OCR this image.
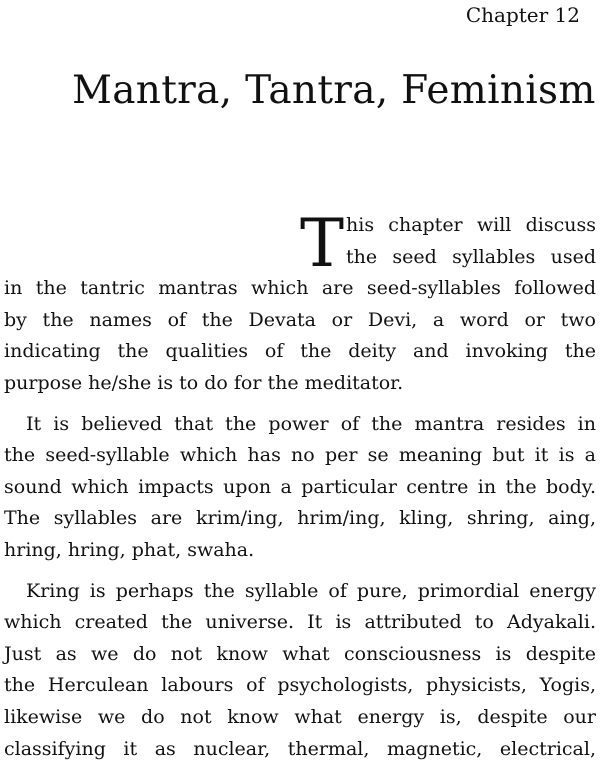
Chapter 12
Mantra, Tantra, Feminism
T his chapter will discuss
the seed syllables used
in the tantric mantras which are seed-syllables followed
by the names of the Devata or Devi, a word or two
indicating the qualities of the deity and invoking the
purpose he/she is to do for the meditator.
It is believed that the power of the mantra resides in
the seed-syllable which has no per se meaning but it is a
sound which impacts upon a particular centre in the body.
The syllables are krim/ing, hrim/ing, kling, shring, aing,
hring, hring, phat, swaha.
Kring is perhaps the syllable of pure, primordial energy
which created the universe. It is attributed to Adyakali.
Just as we do not know what consciousness is despite
the Herculean labours of psychologists, physicists, Yogis,
likewise we do not know what energy is, despite our
classifying it as nuclear, thermal, magnetic, electrical,
